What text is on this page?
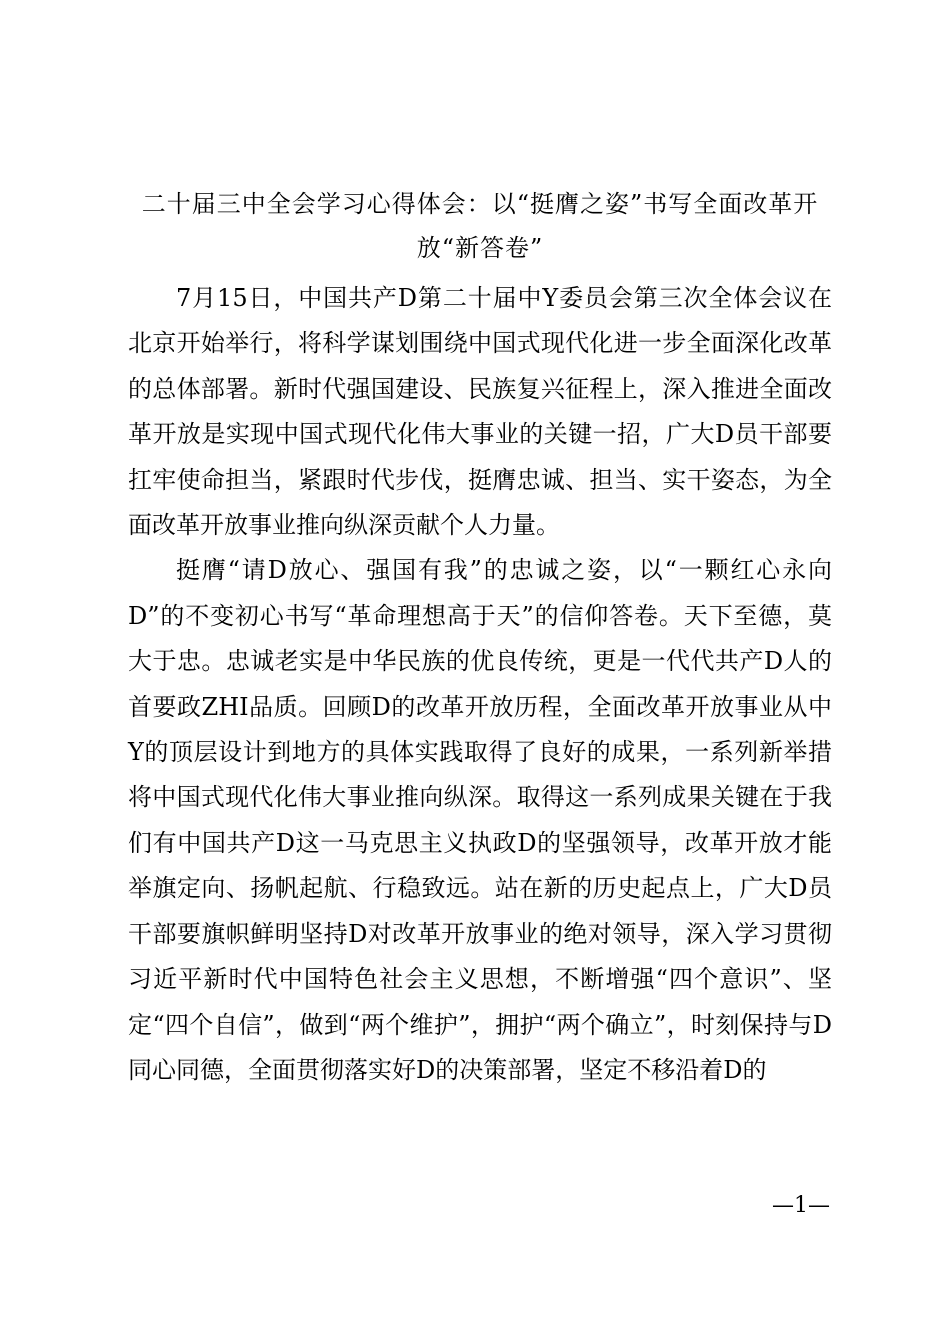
二十届三中全会学习心得体会：以“挺膺之姿”书写全面改革开放“新答卷”

7月15日，中国共产D第二十届中Y委员会第三次全体会议在北京开始举行，将科学谋划围绕中国式现代化进一步全面深化改革的总体部署。新时代强国建设、民族复兴征程上，深入推进全面改革开放是实现中国式现代化伟大事业的关键一招，广大D员干部要扛牢使命担当，紧跟时代步伐，挺膺忠诚、担当、实干姿态，为全面改革开放事业推向纵深贡献个人力量。

挺膺“请D放心、强国有我”的忠诚之姿，以“一颗红心永向D”的不变初心书写“革命理想高于天”的信仰答卷。天下至德，莫大于忠。忠诚老实是中华民族的优良传统，更是一代代共产D人的首要政ZHI品质。回顾D的改革开放历程，全面改革开放事业从中Y的顶层设计到地方的具体实践取得了良好的成果，一系列新举措将中国式现代化伟大事业推向纵深。取得这一系列成果关键在于我们有中国共产D这一马克思主义执政D的坚强领导，改革开放才能举旗定向、扬帆起航、行稳致远。站在新的历史起点上，广大D员干部要旗帜鲜明坚持D对改革开放事业的绝对领导，深入学习贯彻习近平新时代中国特色社会主义思想，不断增强“四个意识”、坚定“四个自信”，做到“两个维护”，拥护“两个确立”，时刻保持与D同心同德，全面贯彻落实好D的决策部署，坚定不移沿着D的

—1—
